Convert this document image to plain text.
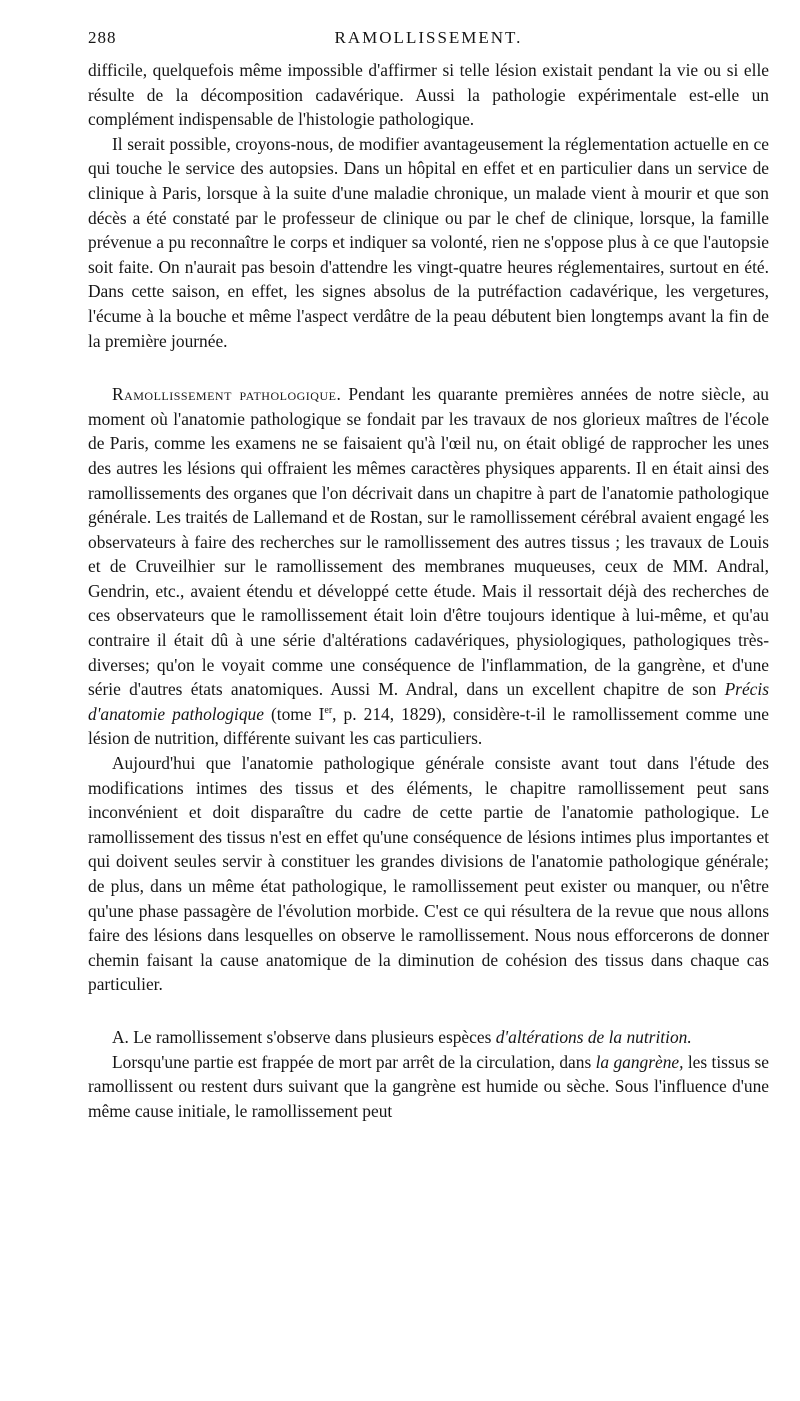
288	RAMOLLISSEMENT.

difficile, quelquefois même impossible d'affirmer si telle lésion existait pendant la vie ou si elle résulte de la décomposition cadavérique. Aussi la pathologie expérimentale est-elle un complément indispensable de l'histologie pathologique.

Il serait possible, croyons-nous, de modifier avantageusement la réglementation actuelle en ce qui touche le service des autopsies. Dans un hôpital en effet et en particulier dans un service de clinique à Paris, lorsque à la suite d'une maladie chronique, un malade vient à mourir et que son décès a été constaté par le professeur de clinique ou par le chef de clinique, lorsque, la famille prévenue a pu reconnaître le corps et indiquer sa volonté, rien ne s'oppose plus à ce que l'autopsie soit faite. On n'aurait pas besoin d'attendre les vingt-quatre heures réglementaires, surtout en été. Dans cette saison, en effet, les signes absolus de la putréfaction cadavérique, les vergetures, l'écume à la bouche et même l'aspect verdâtre de la peau débutent bien longtemps avant la fin de la première journée.

Ramollissement pathologique. Pendant les quarante premières années de notre siècle, au moment où l'anatomie pathologique se fondait par les travaux de nos glorieux maîtres de l'école de Paris, comme les examens ne se faisaient qu'à l'œil nu, on était obligé de rapprocher les unes des autres les lésions qui offraient les mêmes caractères physiques apparents. Il en était ainsi des ramollissements des organes que l'on décrivait dans un chapitre à part de l'anatomie pathologique générale. Les traités de Lallemand et de Rostan, sur le ramollissement cérébral avaient engagé les observateurs à faire des recherches sur le ramollissement des autres tissus ; les travaux de Louis et de Cruveilhier sur le ramollissement des membranes muqueuses, ceux de MM. Andral, Gendrin, etc., avaient étendu et développé cette étude. Mais il ressortait déjà des recherches de ces observateurs que le ramollissement était loin d'être toujours identique à lui-même, et qu'au contraire il était dû à une série d'altérations cadavériques, physiologiques, pathologiques très-diverses; qu'on le voyait comme une conséquence de l'inflammation, de la gangrène, et d'une série d'autres états anatomiques. Aussi M. Andral, dans un excellent chapitre de son Précis d'anatomie pathologique (tome Ier, p. 214, 1829), considère-t-il le ramollissement comme une lésion de nutrition, différente suivant les cas particuliers.

Aujourd'hui que l'anatomie pathologique générale consiste avant tout dans l'étude des modifications intimes des tissus et des éléments, le chapitre ramollissement peut sans inconvénient et doit disparaître du cadre de cette partie de l'anatomie pathologique. Le ramollissement des tissus n'est en effet qu'une conséquence de lésions intimes plus importantes et qui doivent seules servir à constituer les grandes divisions de l'anatomie pathologique générale; de plus, dans un même état pathologique, le ramollissement peut exister ou manquer, ou n'être qu'une phase passagère de l'évolution morbide. C'est ce qui résultera de la revue que nous allons faire des lésions dans lesquelles on observe le ramollissement. Nous nous efforcerons de donner chemin faisant la cause anatomique de la diminution de cohésion des tissus dans chaque cas particulier.

A. Le ramollissement s'observe dans plusieurs espèces d'altérations de la nutrition.

Lorsqu'une partie est frappée de mort par arrêt de la circulation, dans la gangrène, les tissus se ramollissent ou restent durs suivant que la gangrène est humide ou sèche. Sous l'influence d'une même cause initiale, le ramollissement peut
